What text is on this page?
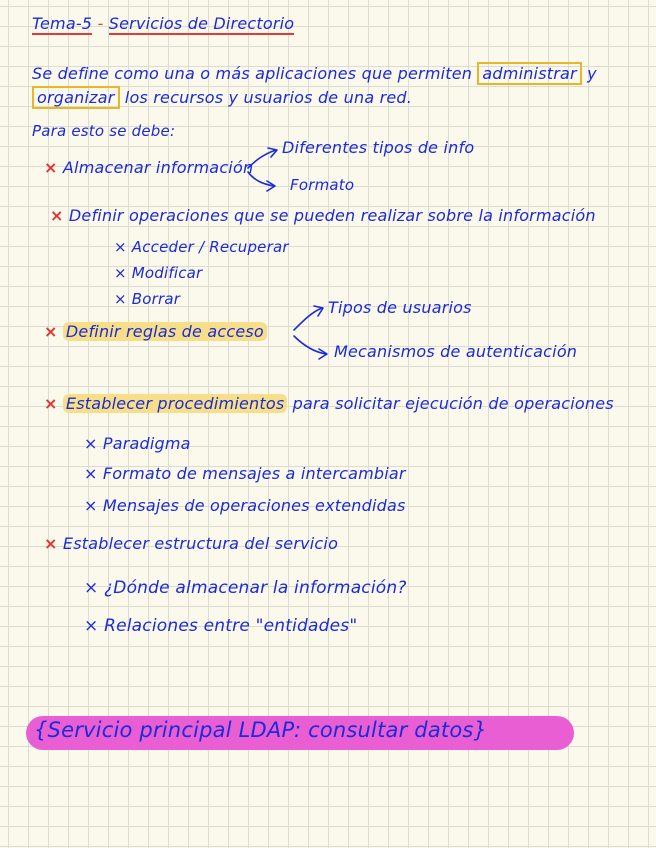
Tema-5 - Servicios de Directorio
Se define como una o más aplicaciones que permiten administrar y
organizar los recursos y usuarios de una red.
Para esto se debe:
× Almacenar información
Diferentes tipos de info
Formato
× Definir operaciones que se pueden realizar sobre la información
× Acceder / Recuperar
× Modificar
× Borrar
× Definir reglas de acceso
Tipos de usuarios
Mecanismos de autenticación
× Establecer procedimientos para solicitar ejecución de operaciones
× Paradigma
× Formato de mensajes a intercambiar
× Mensajes de operaciones extendidas
× Establecer estructura del servicio
× ¿Dónde almacenar la información?
× Relaciones entre "entidades"
{Servicio principal LDAP: consultar datos}
